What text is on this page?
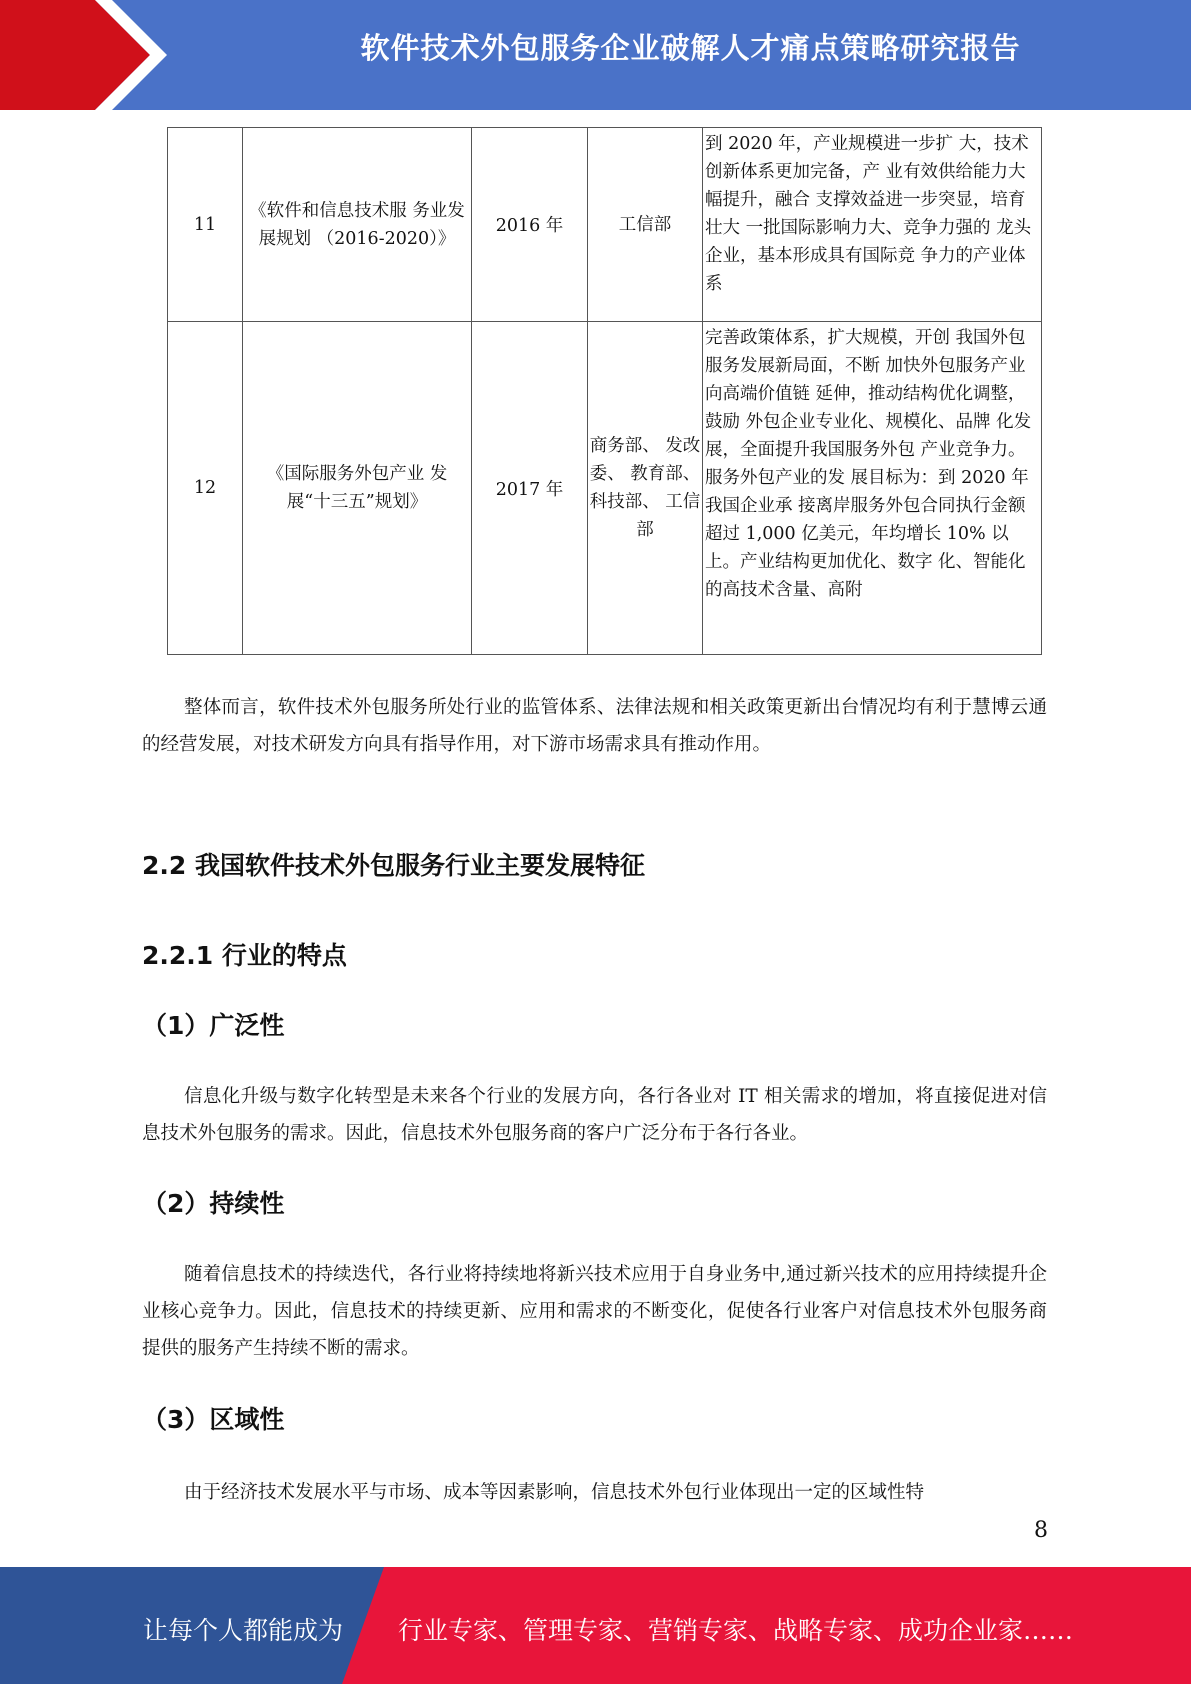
软件技术外包服务企业破解人才痛点策略研究报告
11	《软件和信息技术服 务业发展规划 （2016-2020）》	2016 年	工信部	到 2020 年，产业规模进一步扩 大，技术创新体系更加完备，产 业有效供给能力大幅提升，融合 支撑效益进一步突显，培育壮大 一批国际影响力大、竞争力强的 龙头企业，基本形成具有国际竞 争力的产业体系
12	《国际服务外包产业 发展“十三五”规划》	2017 年	商务部、 发改委、 教育部、 科技部、 工信部	完善政策体系，扩大规模，开创 我国外包服务发展新局面，不断 加快外包服务产业向高端价值链 延伸，推动结构优化调整，鼓励 外包企业专业化、规模化、品牌 化发展，全面提升我国服务外包 产业竞争力。服务外包产业的发 展目标为：到 2020 年我国企业承 接离岸服务外包合同执行金额超过 1,000 亿美元，年均增长 10% 以上。产业结构更加优化、数字 化、智能化的高技术含量、高附
整体而言，软件技术外包服务所处行业的监管体系、法律法规和相关政策更新出台情况均有利于慧博云通的经营发展，对技术研发方向具有指导作用，对下游市场需求具有推动作用。
2.2 我国软件技术外包服务行业主要发展特征
2.2.1 行业的特点
（1）广泛性
信息化升级与数字化转型是未来各个行业的发展方向，各行各业对 IT 相关需求的增加，将直接促进对信息技术外包服务的需求。因此，信息技术外包服务商的客户广泛分布于各行各业。
（2）持续性
随着信息技术的持续迭代，各行业将持续地将新兴技术应用于自身业务中,通过新兴技术的应用持续提升企业核心竞争力。因此，信息技术的持续更新、应用和需求的不断变化，促使各行业客户对信息技术外包服务商提供的服务产生持续不断的需求。
（3）区域性
由于经济技术发展水平与市场、成本等因素影响，信息技术外包行业体现出一定的区域性特
8
让每个人都能成为 行业专家、管理专家、营销专家、战略专家、成功企业家……
